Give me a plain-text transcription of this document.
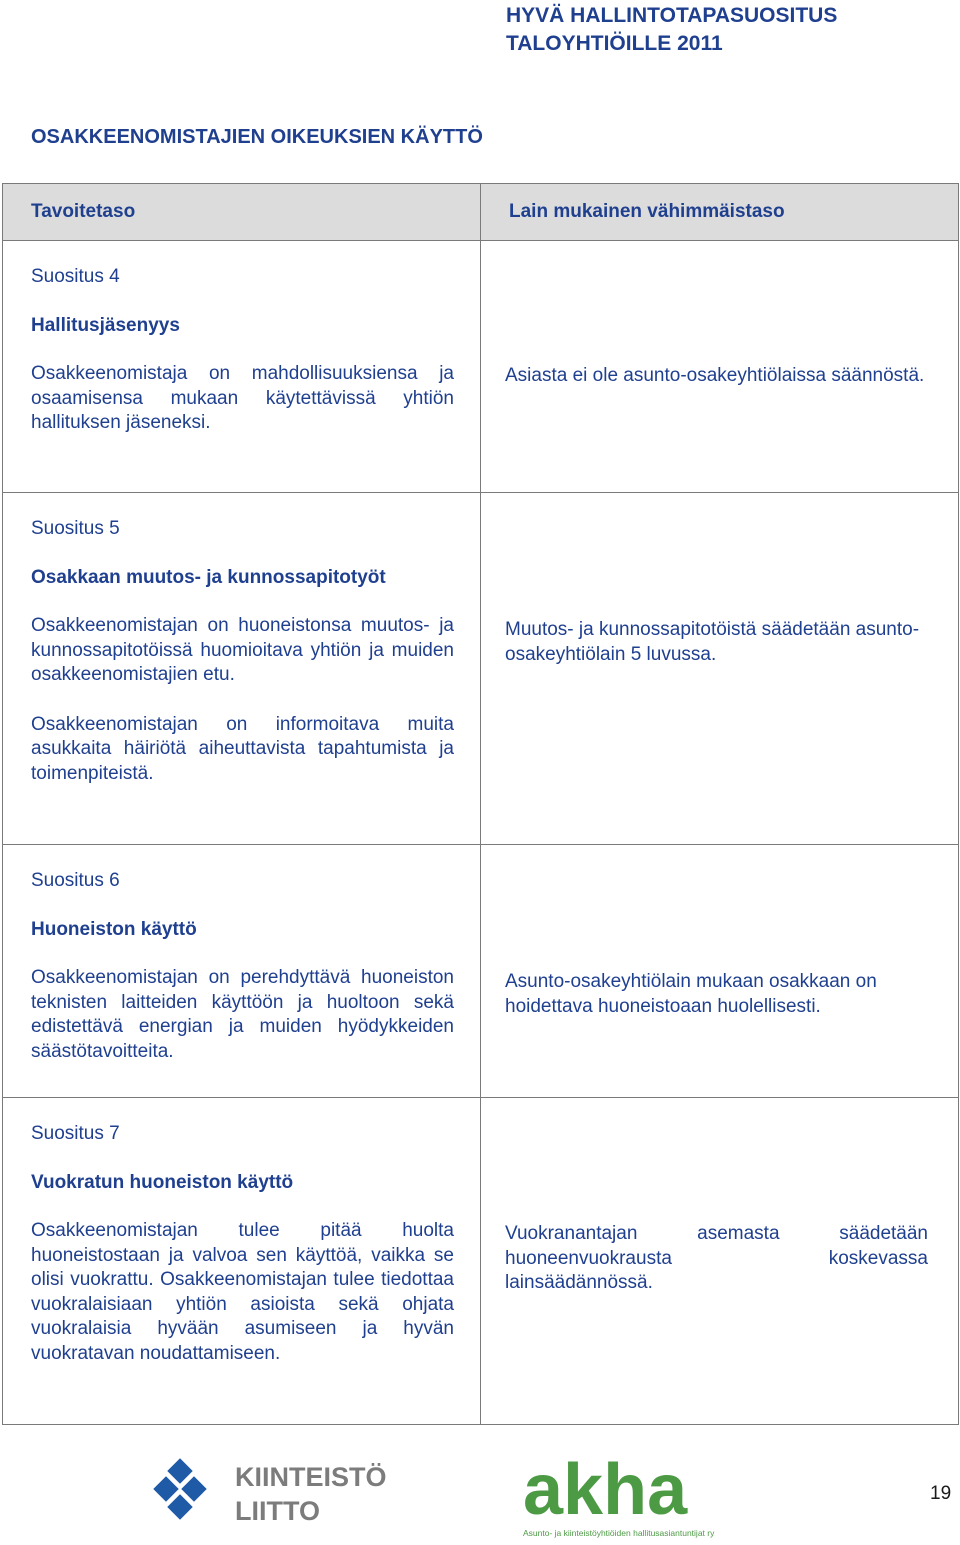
HYVÄ HALLINTOTAPASUOSITUS
TALOYHTIÖILLE 2011
OSAKKEENOMISTAJIEN OIKEUKSIEN KÄYTTÖ
Tavoitetaso	Lain mukainen vähimmäistaso

Suositus 4
Hallitusjäsenyys
Osakkeenomistaja on mahdollisuuksiensa ja osaamisensa mukaan käytettävissä yhtiön hallituksen jäseneksi.	Asiasta ei ole asunto-osakeyhtiölaissa säännöstä.

Suositus 5
Osakkaan muutos- ja kunnossapitotyöt
Osakkeenomistajan on huoneistonsa muutos- ja kunnossapitotöissä huomioitava yhtiön ja muiden osakkeenomistajien etu.
Osakkeenomistajan on informoitava muita asukkaita häiriötä aiheuttavista tapahtumista ja toimenpiteistä.	Muutos- ja kunnossapitotöistä säädetään asunto-osakeyhtiölain 5 luvussa.

Suositus 6
Huoneiston käyttö
Osakkeenomistajan on perehdyttävä huoneiston teknisten laitteiden käyttöön ja huoltoon sekä edistettävä energian ja muiden hyödykkeiden säästötavoitteita.	Asunto-osakeyhtiölain mukaan osakkaan on hoidettava huoneistoaan huolellisesti.

Suositus 7
Vuokratun huoneiston käyttö
Osakkeenomistajan tulee pitää huolta huoneistostaan ja valvoa sen käyttöä, vaikka se olisi vuokrattu. Osakkeenomistajan tulee tiedottaa vuokralaisiaan yhtiön asioista sekä ohjata vuokralaisia hyvään asumiseen ja hyvän vuokratavan noudattamiseen.	Vuokranantajan asemasta säädetään huoneenvuokrausta koskevassa lainsäädännössä.
KIINTEISTÖ
LIITTO	akha
Asunto- ja kiinteistöyhtiöiden hallitusasiantuntijat ry
19
